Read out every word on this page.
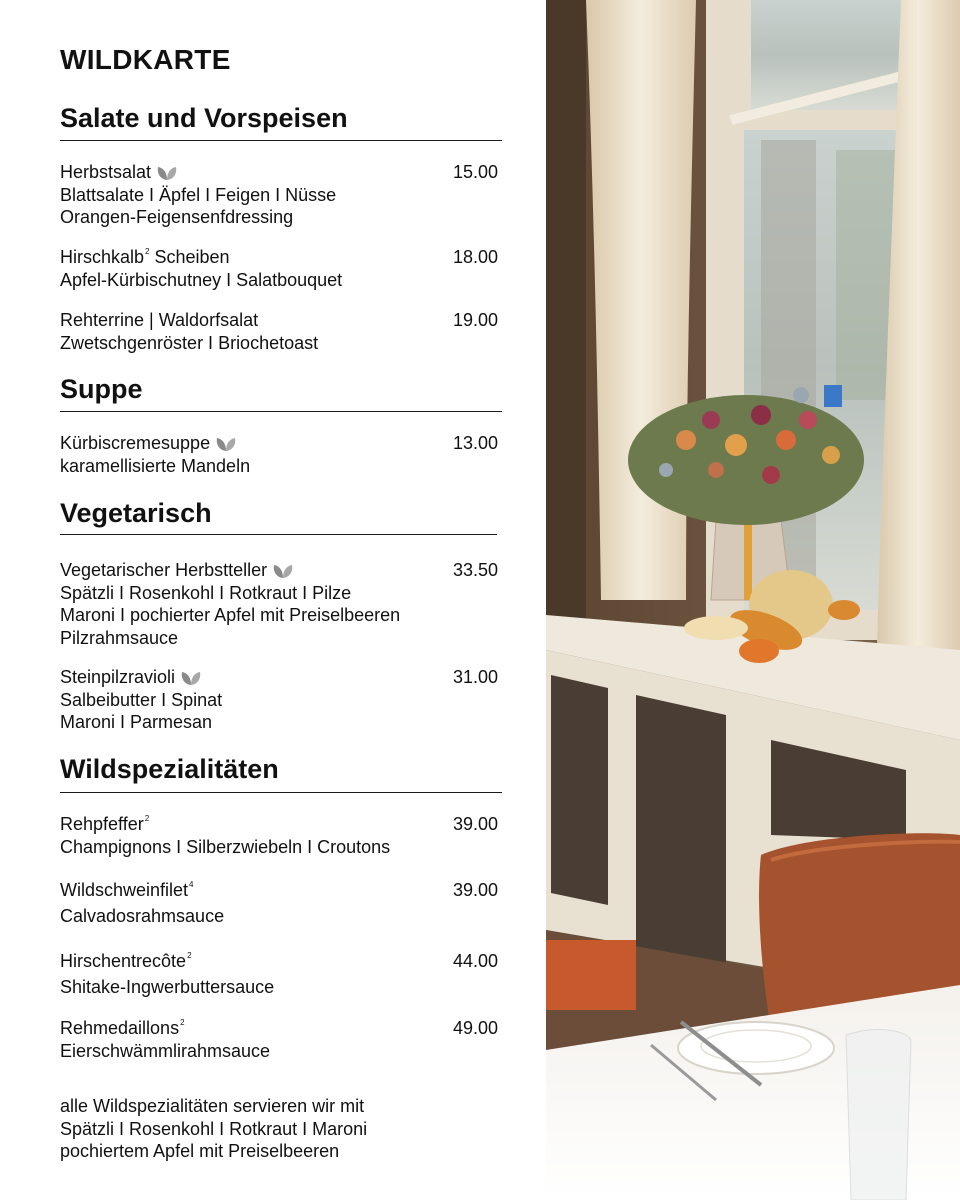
WILDKARTE
Salate und Vorspeisen
Herbstsalat	15.00
Blattsalate I Äpfel I Feigen I Nüsse
Orangen-Feigensenfdressing
Hirschkalb$^2$ Scheiben	18.00
Apfel-Kürbischutney I Salatbouquet
Rehterrine | Waldorfsalat	19.00
Zwetschgenröster I Briochetoast
Suppe
Kürbiscremesuppe	13.00
karamellisierte Mandeln
Vegetarisch
Vegetarischer Herbstteller	33.50
Spätzli I Rosenkohl I Rotkraut I Pilze
Maroni I pochierter Apfel mit Preiselbeeren
Pilzrahmsauce
Steinpilzravioli	31.00
Salbeibutter I Spinat
Maroni I Parmesan
Wildspezialitäten
Rehpfeffer$^2$	39.00
Champignons I Silberzwiebeln I Croutons
Wildschweinfilet$^4$	39.00
Calvadosrahmsauce
Hirschentrecôte$^2$	44.00
Shitake-Ingwerbuttersauce
Rehmedaillons$^2$	49.00
Eierschwämmlirahmsauce
alle Wildspezialitäten servieren wir mit
Spätzli I Rosenkohl I Rotkraut I Maroni
pochiertem Apfel mit Preiselbeeren
